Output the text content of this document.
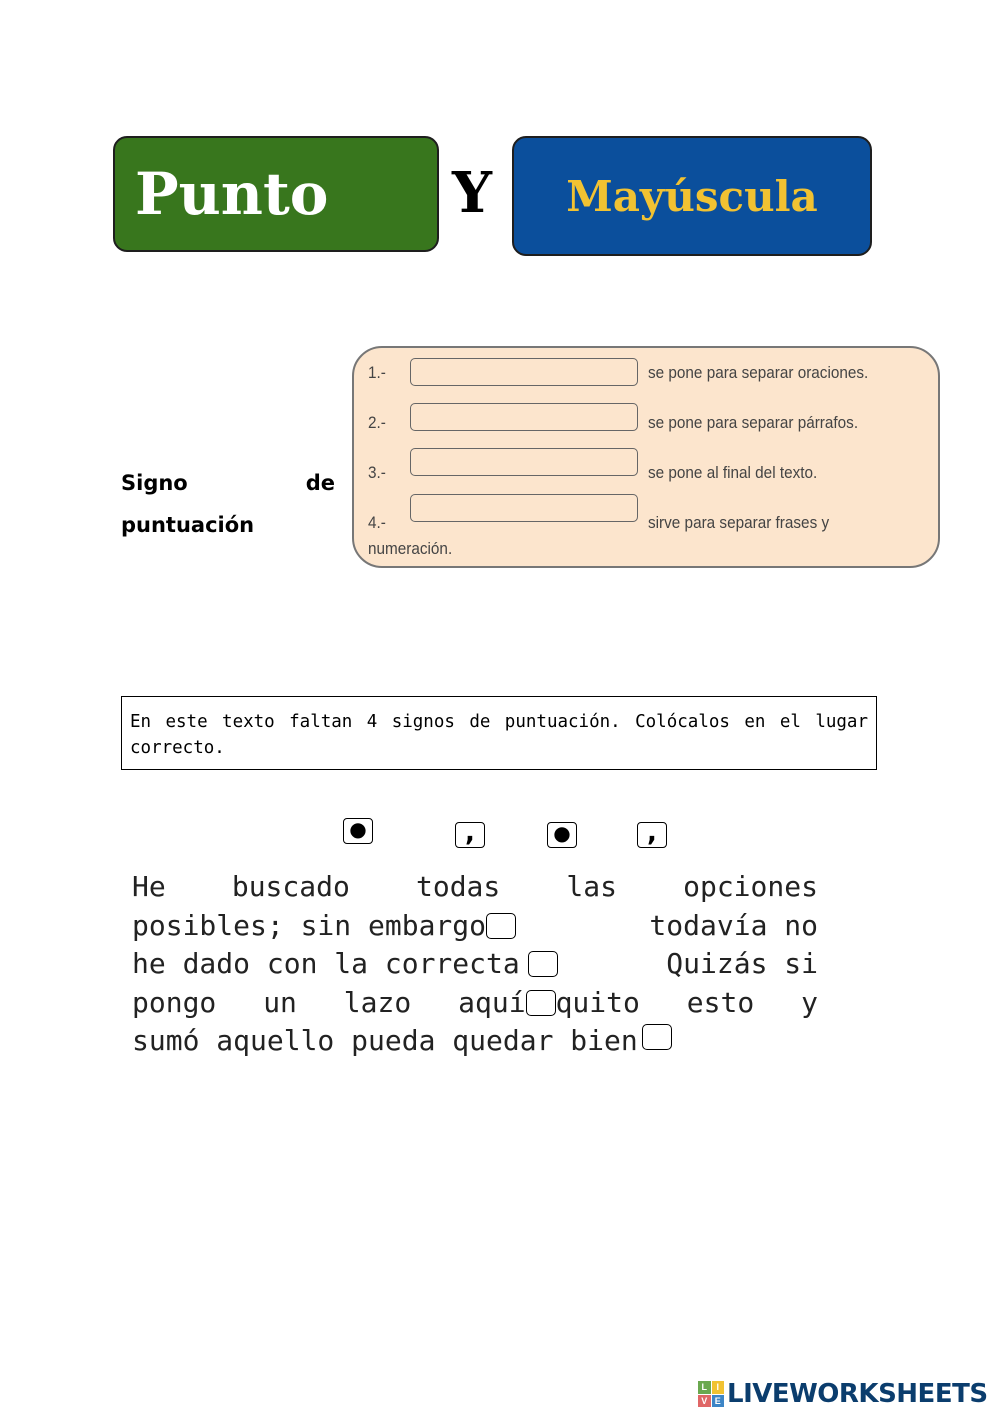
Punto Y Mayúscula
Signo	de
puntuación
1.-	se pone para separar oraciones.
2.-	se pone para separar párrafos.
3.-	se pone al final del texto.
4.-	sirve para separar frases y
numeración.
En este texto faltan 4 signos de puntuación. Colócalos en el lugar correcto.
●	,	●	,
He buscado todas las opciones
posibles; sin embargo	todavía no
he dado con la correcta	Quizás si
pongo un lazo aquí quito esto y
sumó aquello pueda quedar bien
L	I
V E LIVEWORKSHEETS
